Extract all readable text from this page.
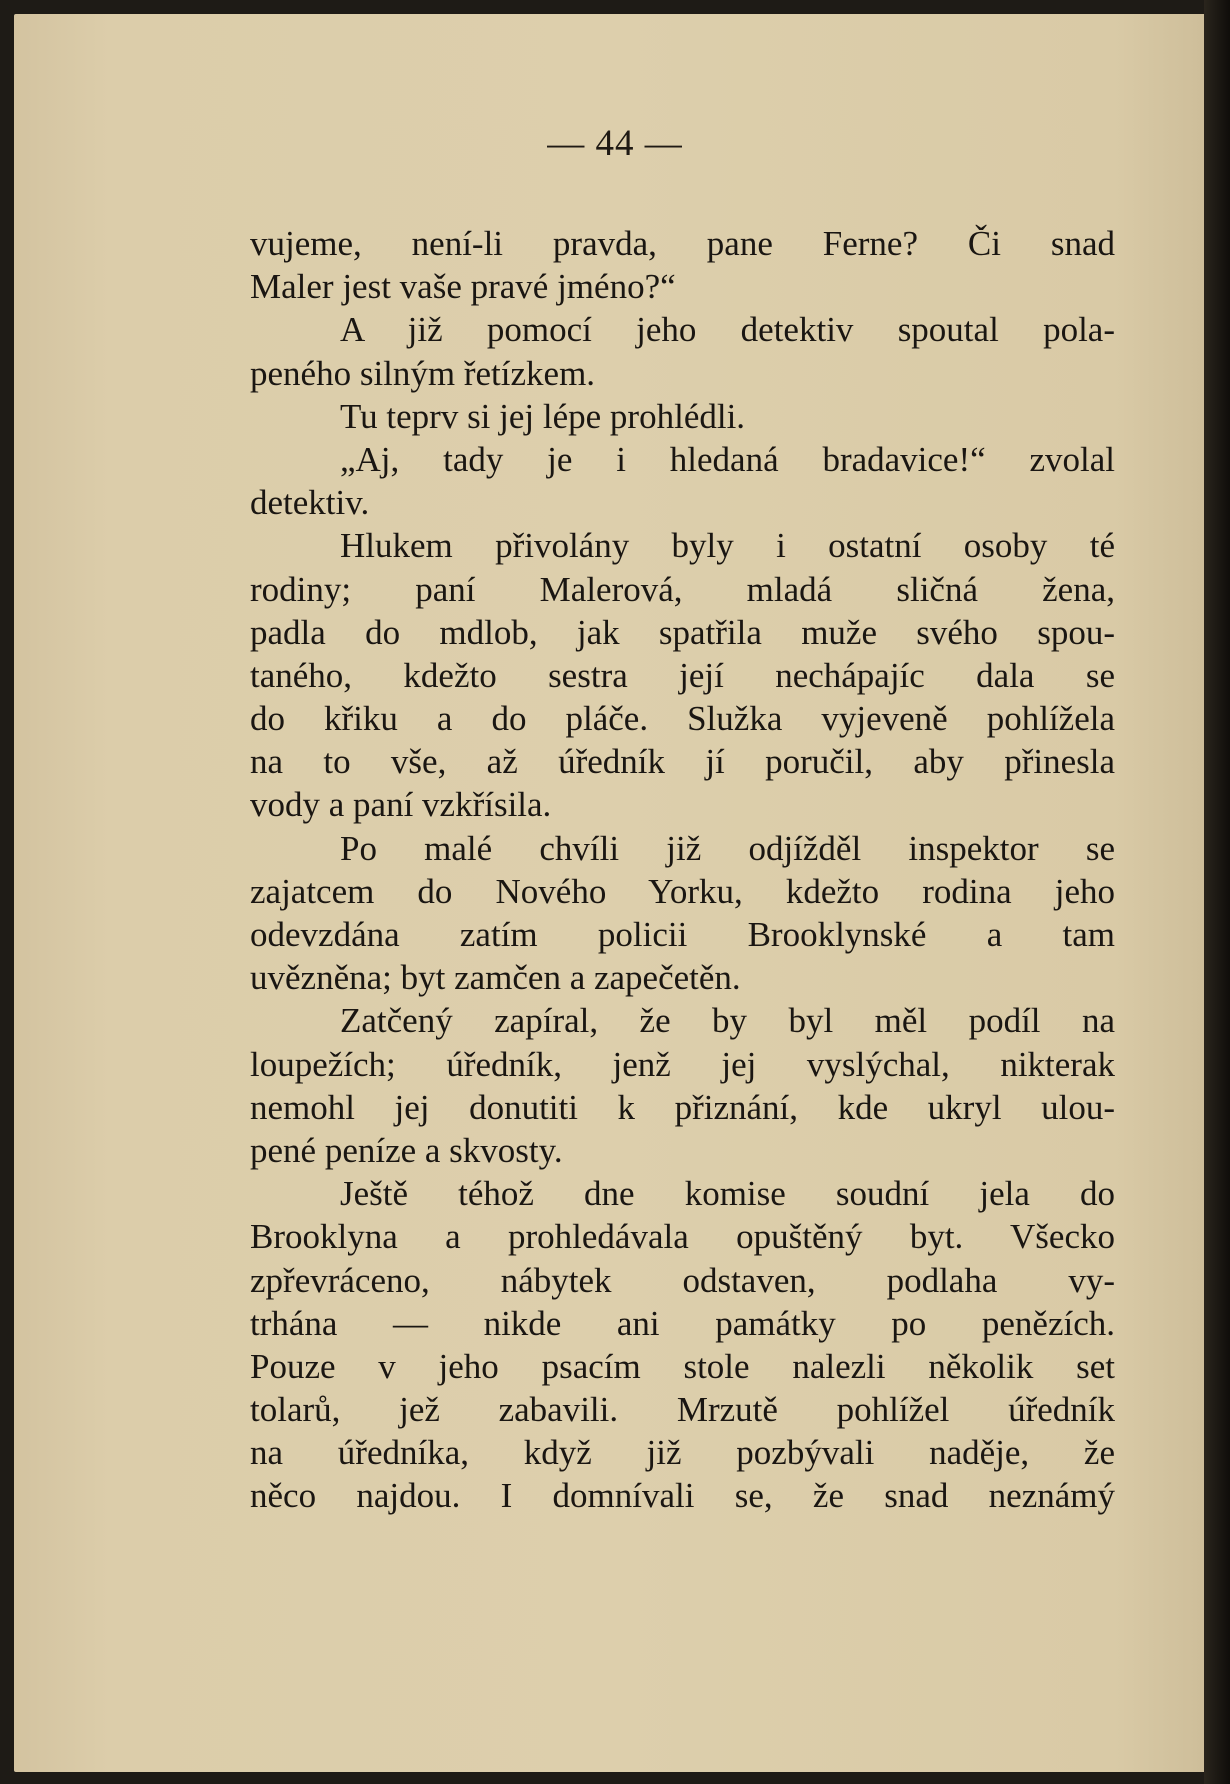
— 44 —
vujeme, není-li pravda, pane Ferne? Či snad
Maler jest vaše pravé jméno?“
A již pomocí jeho detektiv spoutal pola-
peného silným řetízkem.
Tu teprv si jej lépe prohlédli.
„Aj, tady je i hledaná bradavice!“ zvolal
detektiv.
Hlukem přivolány byly i ostatní osoby té
rodiny; paní Malerová, mladá sličná žena,
padla do mdlob, jak spatřila muže svého spou-
taného, kdežto sestra její nechápajíc dala se
do křiku a do pláče. Služka vyjeveně pohlížela
na to vše, až úředník jí poručil, aby přinesla
vody a paní vzkřísila.
Po malé chvíli již odjížděl inspektor se
zajatcem do Nového Yorku, kdežto rodina jeho
odevzdána zatím policii Brooklynské a tam
uvězněna; byt zamčen a zapečetěn.
Zatčený zapíral, že by byl měl podíl na
loupežích; úředník, jenž jej vyslýchal, nikterak
nemohl jej donutiti k přiznání, kde ukryl ulou-
pené peníze a skvosty.
Ještě téhož dne komise soudní jela do
Brooklyna a prohledávala opuštěný byt. Všecko
zpřevráceno, nábytek odstaven, podlaha vy-
trhána — nikde ani památky po penězích.
Pouze v jeho psacím stole nalezli několik set
tolarů, jež zabavili. Mrzutě pohlížel úředník
na úředníka, když již pozbývali naděje, že
něco najdou. I domnívali se, že snad neznámý
